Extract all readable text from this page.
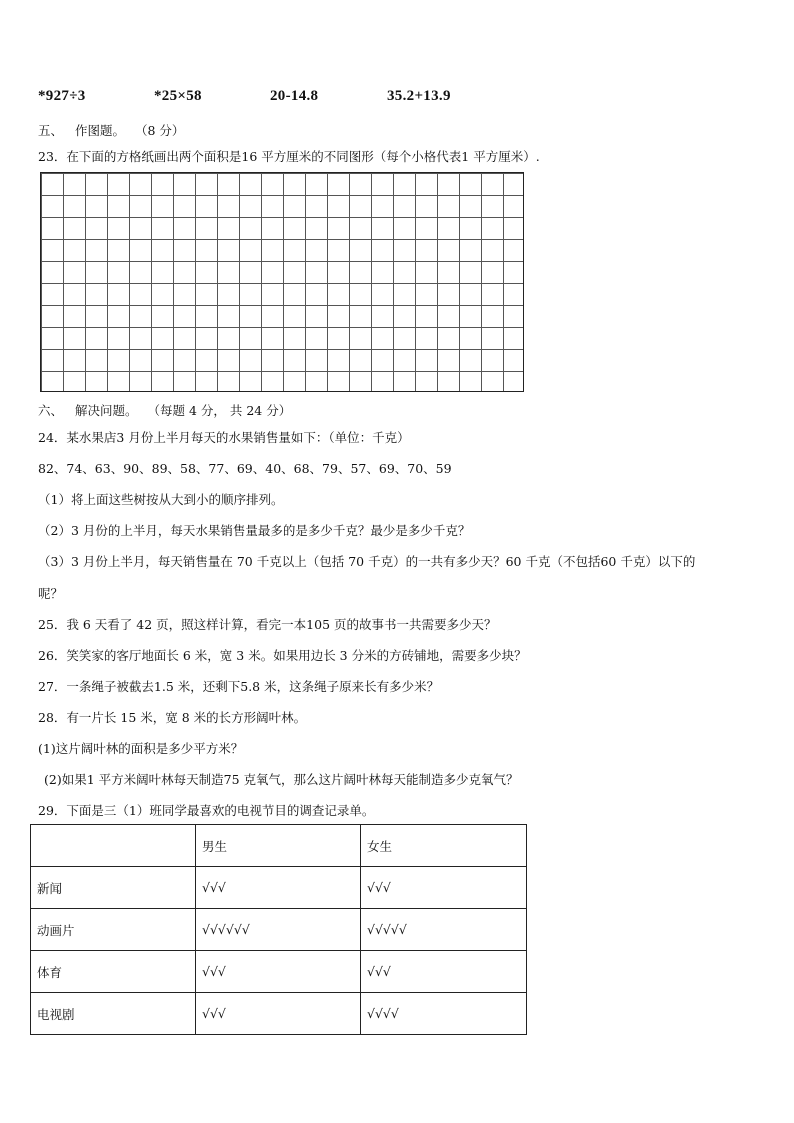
*927÷3	*25×58	20-14.8	35.2+13.9
五、 作图题。 （8 分）
23．在下面的方格纸画出两个面积是16 平方厘米的不同图形（每个小格代表1 平方厘米）.
六、 解决问题。 （每题 4 分， 共 24 分）
24．某水果店3 月份上半月每天的水果销售量如下：（单位：千克）
82、74、63、90、89、58、77、69、40、68、79、57、69、70、59
（1）将上面这些树按从大到小的顺序排列。
（2）3 月份的上半月，每天水果销售量最多的是多少千克？最少是多少千克？
（3）3 月份上半月，每天销售量在 70 千克以上（包括 70 千克）的一共有多少天？60 千克（不包括60 千克）以下的
呢？
25．我 6 天看了 42 页，照这样计算，看完一本105 页的故事书一共需要多少天？
26．笑笑家的客厅地面长 6 米，宽 3 米。如果用边长 3 分米的方砖铺地，需要多少块？
27．一条绳子被截去1.5 米，还剩下5.8 米，这条绳子原来长有多少米？
28．有一片长 15 米，宽 8 米的长方形阔叶林。
(1)这片阔叶林的面积是多少平方米？
(2)如果1 平方米阔叶林每天制造75 克氧气，那么这片阔叶林每天能制造多少克氧气？
29．下面是三（1）班同学最喜欢的电视节目的调查记录单。
	男生	女生
新闻	√√√	√√√
动画片	√√√√√√	√√√√√
体育	√√√	√√√
电视剧	√√√	√√√√
